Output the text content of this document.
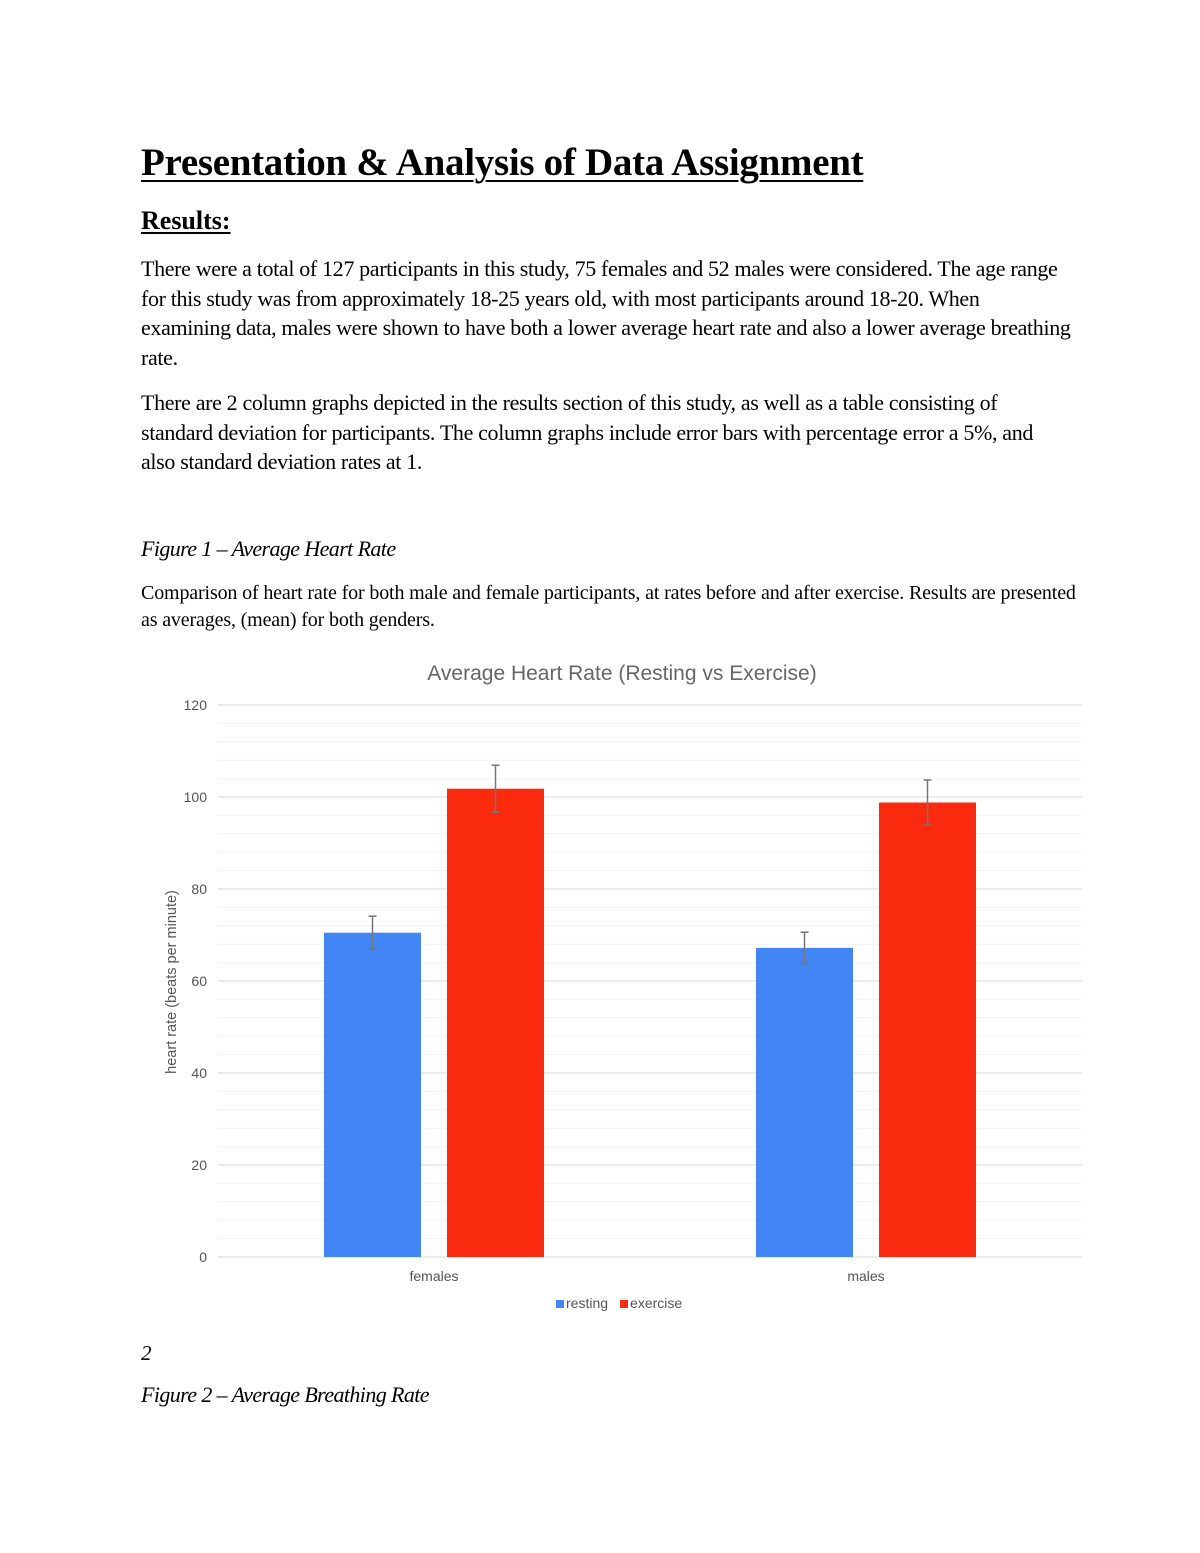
Presentation & Analysis of Data Assignment
Results:

There were a total of 127 participants in this study, 75 females and 52 males were considered. The age range for this study was from approximately 18-25 years old, with most participants around 18-20. When examining data, males were shown to have both a lower average heart rate and also a lower average breathing rate.

There are 2 column graphs depicted in the results section of this study, as well as a table consisting of standard deviation for participants. The column graphs include error bars with percentage error a 5%, and also standard deviation rates at 1.

Figure 1 – Average Heart Rate

Comparison of heart rate for both male and female participants, at rates before and after exercise. Results are presented as averages, (mean) for both genders.

Average Heart Rate (Resting vs Exercise)
0
20
40
60
80
100
120
heart rate (beats per minute)
females	males
resting exercise

2

Figure 2 – Average Breathing Rate
